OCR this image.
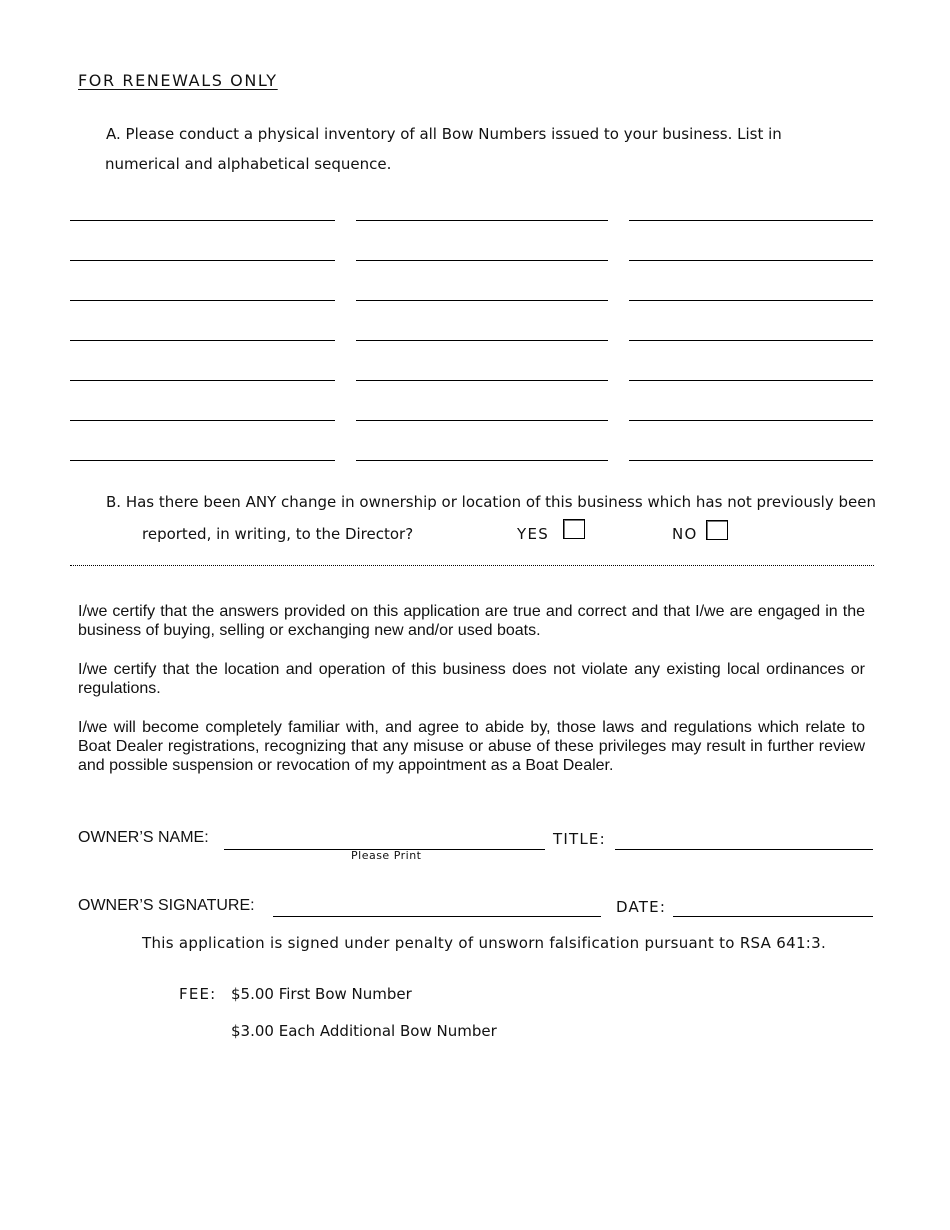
FOR RENEWALS ONLY
A. Please conduct a physical inventory of all Bow Numbers issued to your business. List in
numerical and alphabetical sequence.
B. Has there been ANY change in ownership or location of this business which has not previously been
reported, in writing, to the Director?	YES	NO
I/we certify that the answers provided on this application are true and correct and that I/we are engaged in the business of buying, selling or exchanging new and/or used boats.
I/we certify that the location and operation of this business does not violate any existing local ordinances or regulations.
I/we will become completely familiar with, and agree to abide by, those laws and regulations which relate to Boat Dealer registrations, recognizing that any misuse or abuse of these privileges may result in further review and possible suspension or revocation of my appointment as a Boat Dealer.
OWNER’S NAME:
Please Print
TITLE:
OWNER’S SIGNATURE:	DATE:
This application is signed under penalty of unsworn falsification pursuant to RSA 641:3.
FEE: $5.00 First Bow Number
$3.00 Each Additional Bow Number
